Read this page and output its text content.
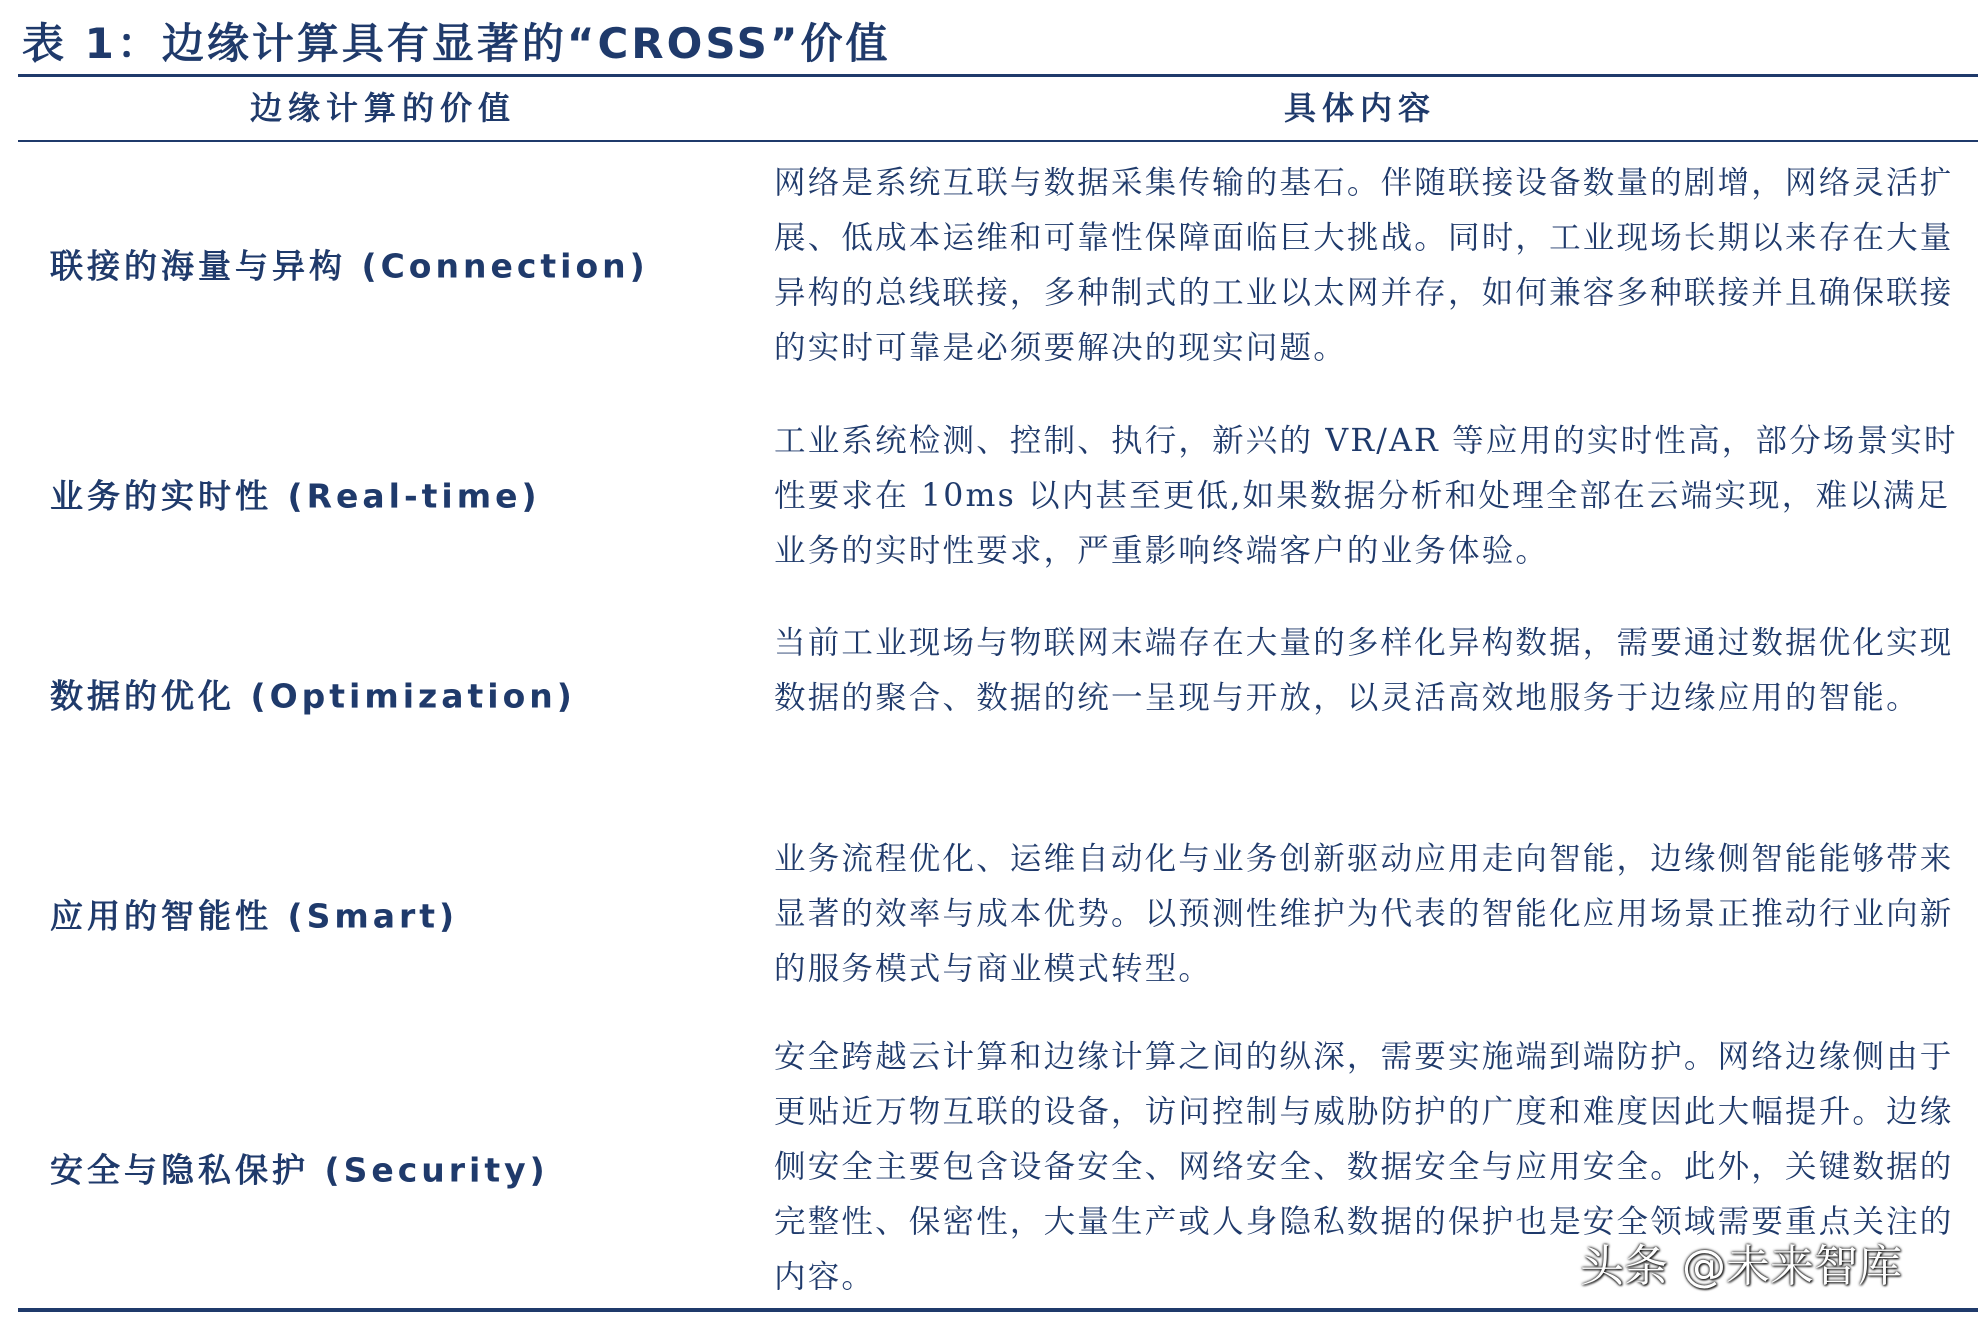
表 1：边缘计算具有显著的“CROSS”价值
边缘计算的价值	具体内容
联接的海量与异构 (Connection)
网络是系统互联与数据采集传输的基石。伴随联接设备数量的剧增，网络灵活扩展、低成本运维和可靠性保障面临巨大挑战。同时，工业现场长期以来存在大量异构的总线联接，多种制式的工业以太网并存，如何兼容多种联接并且确保联接的实时可靠是必须要解决的现实问题。
业务的实时性 (Real-time)
工业系统检测、控制、执行，新兴的 VR/AR 等应用的实时性高，部分场景实时性要求在 10ms 以内甚至更低,如果数据分析和处理全部在云端实现，难以满足业务的实时性要求，严重影响终端客户的业务体验。
数据的优化 (Optimization)
当前工业现场与物联网末端存在大量的多样化异构数据，需要通过数据优化实现数据的聚合、数据的统一呈现与开放，以灵活高效地服务于边缘应用的智能。
应用的智能性 (Smart)
业务流程优化、运维自动化与业务创新驱动应用走向智能，边缘侧智能能够带来显著的效率与成本优势。以预测性维护为代表的智能化应用场景正推动行业向新的服务模式与商业模式转型。
安全与隐私保护 (Security)
安全跨越云计算和边缘计算之间的纵深，需要实施端到端防护。网络边缘侧由于更贴近万物互联的设备，访问控制与威胁防护的广度和难度因此大幅提升。边缘侧安全主要包含设备安全、网络安全、数据安全与应用安全。此外，关键数据的完整性、保密性，大量生产或人身隐私数据的保护也是安全领域需要重点关注的内容。	头条 @未来智库
